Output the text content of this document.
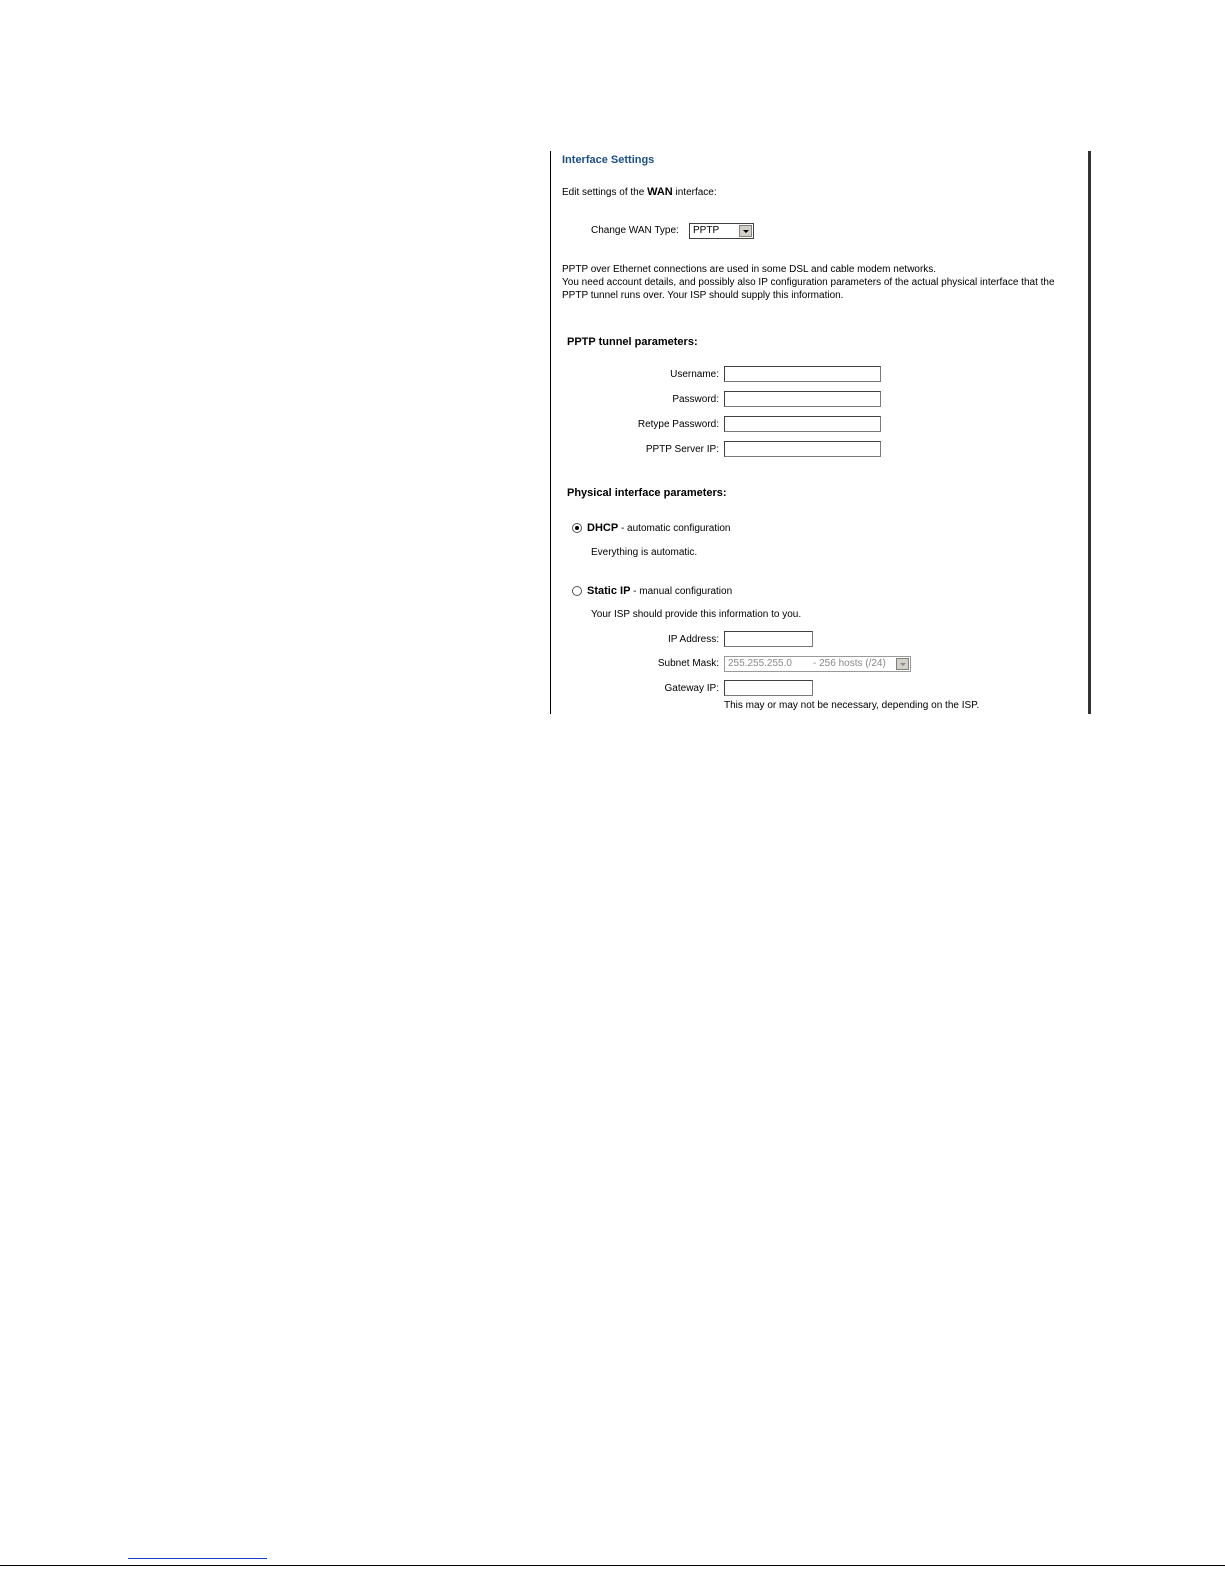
Interface Settings
Edit settings of the WAN interface:
Change WAN Type:	PPTP
PPTP over Ethernet connections are used in some DSL and cable modem networks.
You need account details, and possibly also IP configuration parameters of the actual physical interface that the
PPTP tunnel runs over. Your ISP should supply this information.
PPTP tunnel parameters:
Username:
Password:
Retype Password:
PPTP Server IP:
Physical interface parameters:
DHCP - automatic configuration
Everything is automatic.
Static IP - manual configuration
Your ISP should provide this information to you.
IP Address:
Subnet Mask: 255.255.255.0 - 256 hosts (/24)
Gateway IP:
This may or may not be necessary, depending on the ISP.
